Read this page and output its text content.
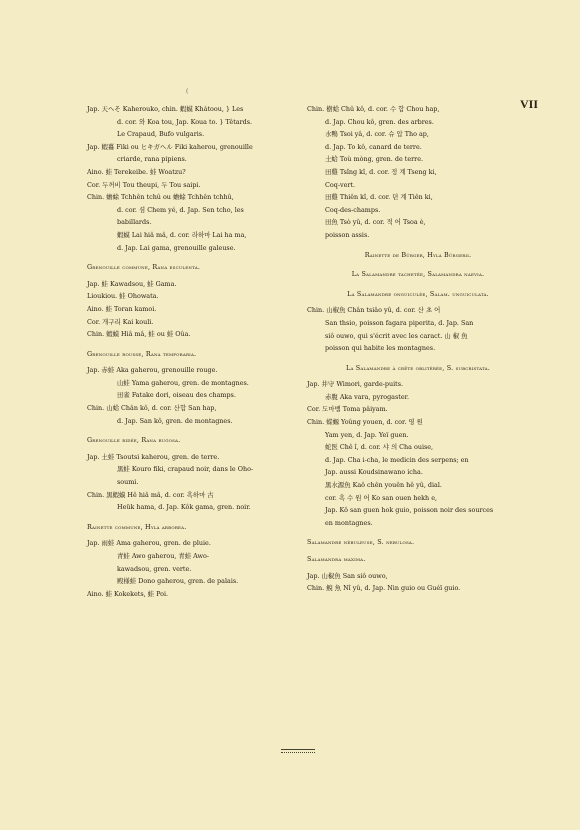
VII
(
Jap. 天ヘそ Kaherouko, chin. 蝦蟆 Khátoou, } Les
d. cor. 와 Koa tou, Jap. Koua to. } Têtards.
Le Crapaud, Bufo vulgaris.
Jap. 蝦蟇 Fiki ou ヒキガヘル Fiki kaherou, grenouille
criarde, rana pipiens.
Aino. 蛙 Terekeibe. 蛙 Woatzu?
Cor. 두꺼비 Tou theupi, 두 Tou saipi.
Chin. 蟾蜍 Tchhên tchû ou 蟾蜍 Tchhên tchhû,
d. cor. 셤 Chem yé, d. Jap. Sen tcho, les
babillards.
蝦蟆 Lai hiâ mâ, d. cor. 라하마 Lai ha ma,
d. Jap. Lai gama, grenouille galeuse.
Grenouille commune, Rana esculenta.
Jap. 蛙 Kawadsou, 蛙 Gama.
Lioukiou. 蛙 Ohowata.
Aino. 蛙 Toran kamoi.
Cor. 개구리 Kai kouli.
Chin. 蝦蟆 Hiâ mâ, 蛙 ou 蛙 Oûa.
Grenouille rousse, Rana temporaria.
Jap. 赤蛙 Aka gaherou, grenouille rouge.
山蛙 Yama gaherou, gren. de montagnes.
田雀 Fatake dori, oiseau des champs.
Chin. 山蛤 Chân kô, d. cor. 산합 San hap,
d. Jap. San kô, gren. de montagnes.
Grenouille ridée, Rana rugosa.
Jap. 土蛙 Tsoutsi kaherou, gren. de terre.
黒蛙 Kouro fiki, crapaud noir, dans le Oho-
soumi.
Chin. 黒蝦蟆 Hê hiâ mâ, d. cor. 흑하마 古
Heük hama, d. Jap. Kôk gama, gren. noir.
Rainette commune, Hyla arborea.
Jap. 雨蛙 Ama gaherou, gren. de pluie.
青蛙 Awo gaherou, 青蛙 Awo-
kawadsou, gren. verte.
殿様蛙 Dono gaherou, gren. de palais.
Aino. 蛙 Kokekets, 蛙 Poi.
Chin. 樹蛤 Chû kô, d. cor. 수 합 Chou hap,
d. Jap. Chou kô, gren. des arbres.
水鴨 Tsoi yâ, d. cor. 슈 압 Tho ap,
d. Jap. To kô, canard de terre.
土蛤 Toù mòng, gren. de terre.
田雞 Tsîng kî, d. cor. 정 계 Tseng ki,
Coq-vert.
田雞 Thiên kî, d. cor. 뎐 계 Tiên ki,
Coq-des-champs.
田魚 Tsò yû, d. cor. 적 어 Tsoa è,
poisson assis.
Rainette de Bürger, Hyla Bürgerii.
La Salamandre tachetée, Salamandra naevia.
La Salamandre onguiculée, Salam. unguiculata.
Chin. 山椒魚 Chân tsiâo yû, d. cor. 산 초 어
San thsio, poisson fagara piperita, d. Jap. San
siô ouwo, qui s'écrit avec les caract. 山 椒 魚
poisson qui habite les montagnes.
La Salamandre à crête oblitérée, S. subcristata.
Jap. 井守 Wimori, garde-puits.
赤腹 Aka vara, pyrogaster.
Cor. 도마뱀 Toma pâiyam.
Chin. 蝾螈 Yoûng youen, d. cor. 영 원
Yam yen, d. Jap. Yeï guen.
蛇医 Chê î, d. cor. 샤 의 Cha ouise,
d. Jap. Cha i-cha, le medicin des serpens; en
Jap. aussi Koudsinawano icha.
黒水源魚 Kaô chên youên hê yû, dial.
cor. 흑 수 원 어 Ko san ouen hekh e,
Jap. Kô san guen hok guio, poisson noir des sources
en montagnes.
Salamandre nébuleuse, S. nebulosa.
Salamandra maxima.
Jap. 山椒魚 San siô ouwo,
Chin. 鯢 魚 Nî yû, d. Jap. Nin guio ou Guéï guio.
